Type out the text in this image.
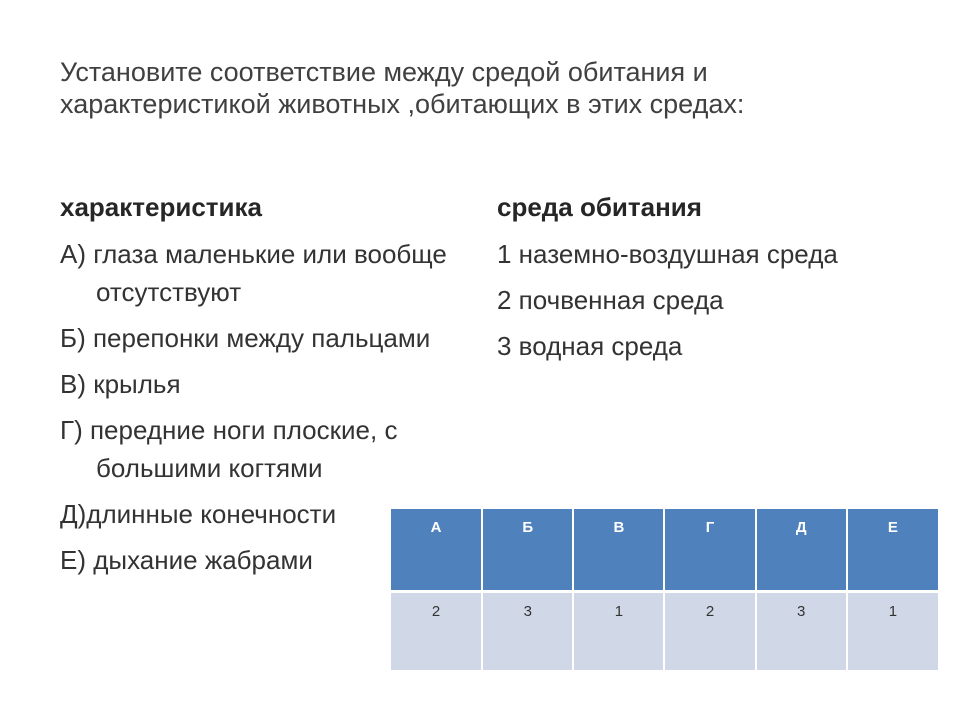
Установите соответствие между средой обитания и характеристикой животных ,обитающих в этих средах:
характеристика	среда обитания
А) глаза маленькие или вообще отсутствуют
Б) перепонки между пальцами
В) крылья
Г) передние ноги плоские, с большими когтями
Д)длинные конечности
Е) дыхание жабрами
1 наземно-воздушная среда
2 почвенная среда
3 водная среда
А	Б	В	Г	Д	Е
2	3	1	2	3	1
